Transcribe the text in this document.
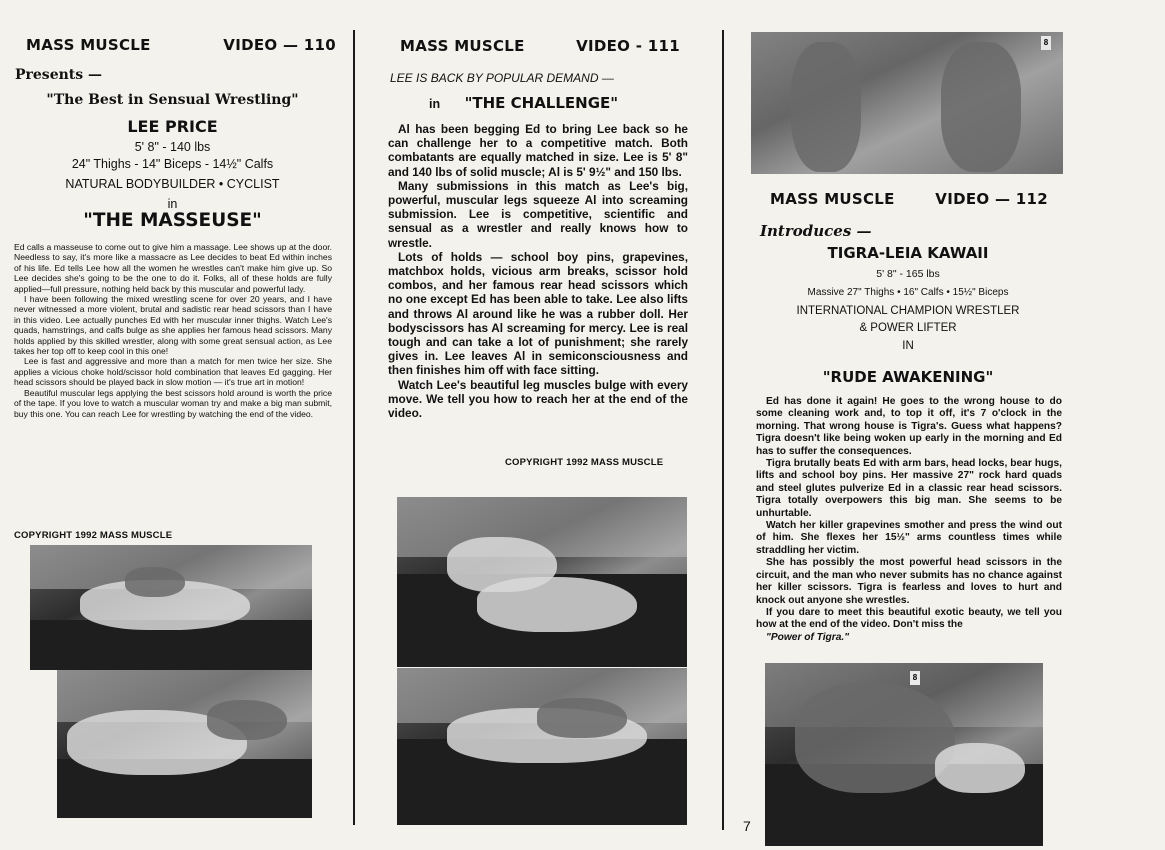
MASS MUSCLE	VIDEO — 110
Presents —
"The Best in Sensual Wrestling"
LEE PRICE
5' 8" - 140 lbs
24" Thighs - 14" Biceps - 14½" Calfs
NATURAL BODYBUILDER • CYCLIST
in
"THE MASSEUSE"

Ed calls a masseuse to come out to give him a massage. Lee shows up at the door. Needless to say, it's more like a massacre as Lee decides to beat Ed within inches of his life. Ed tells Lee how all the women he wrestles can't make him give up. So Lee decides she's going to be the one to do it. Folks, all of these holds are fully applied—full pressure, nothing held back by this muscular and powerful lady.

I have been following the mixed wrestling scene for over 20 years, and I have never witnessed a more violent, brutal and sadistic rear head scissors than I have in this video. Lee actually punches Ed with her muscular inner thighs. Watch Lee's quads, hamstrings, and calfs bulge as she applies her famous head scissors. Many holds applied by this skilled wrestler, along with some great sensual action, as Lee takes her top off to keep cool in this one!

Lee is fast and aggressive and more than a match for men twice her size. She applies a vicious choke hold/scissor hold combination that leaves Ed gagging. Her head scissors should be played back in slow motion — it's true art in motion!

Beautiful muscular legs applying the best scissors hold around is worth the price of the tape. If you love to watch a muscular woman try and make a big man submit, buy this one. You can reach Lee for wrestling by watching the end of the video.

COPYRIGHT 1992 MASS MUSCLE
MASS MUSCLE	VIDEO - 111
LEE IS BACK BY POPULAR DEMAND —
in "THE CHALLENGE"

Al has been begging Ed to bring Lee back so he can challenge her to a competitive match. Both combatants are equally matched in size. Lee is 5' 8" and 140 lbs of solid muscle; Al is 5' 9½" and 150 lbs.

Many submissions in this match as Lee's big, powerful, muscular legs squeeze Al into screaming submission. Lee is competitive, scientific and sensual as a wrestler and really knows how to wrestle.

Lots of holds — school boy pins, grapevines, matchbox holds, vicious arm breaks, scissor hold combos, and her famous rear head scissors which no one except Ed has been able to take. Lee also lifts and throws Al around like he was a rubber doll. Her bodyscissors has Al screaming for mercy. Lee is real tough and can take a lot of punishment; she rarely gives in. Lee leaves Al in semiconsciousness and then finishes him off with face sitting.

Watch Lee's beautiful leg muscles bulge with every move. We tell you how to reach her at the end of the video.

COPYRIGHT 1992 MASS MUSCLE
8
MASS MUSCLE	VIDEO — 112
Introduces —
TIGRA-LEIA KAWAII
5' 8" - 165 lbs
Massive 27" Thighs • 16" Calfs • 15½" Biceps
INTERNATIONAL CHAMPION WRESTLER
& POWER LIFTER
IN
"RUDE AWAKENING"

Ed has done it again! He goes to the wrong house to do some cleaning work and, to top it off, it's 7 o'clock in the morning. That wrong house is Tigra's. Guess what happens? Tigra doesn't like being woken up early in the morning and Ed has to suffer the consequences.

Tigra brutally beats Ed with arm bars, head locks, bear hugs, lifts and school boy pins. Her massive 27" rock hard quads and steel glutes pulverize Ed in a classic rear head scissors. Tigra totally overpowers this big man. She seems to be unhurtable.

Watch her killer grapevines smother and press the wind out of him. She flexes her 15½" arms countless times while straddling her victim.

She has possibly the most powerful head scissors in the circuit, and the man who never submits has no chance against her killer scissors. Tigra is fearless and loves to hurt and knock out anyone she wrestles.

If you dare to meet this beautiful exotic beauty, we tell you how at the end of the video. Don't miss the

"Power of Tigra."

8
7
